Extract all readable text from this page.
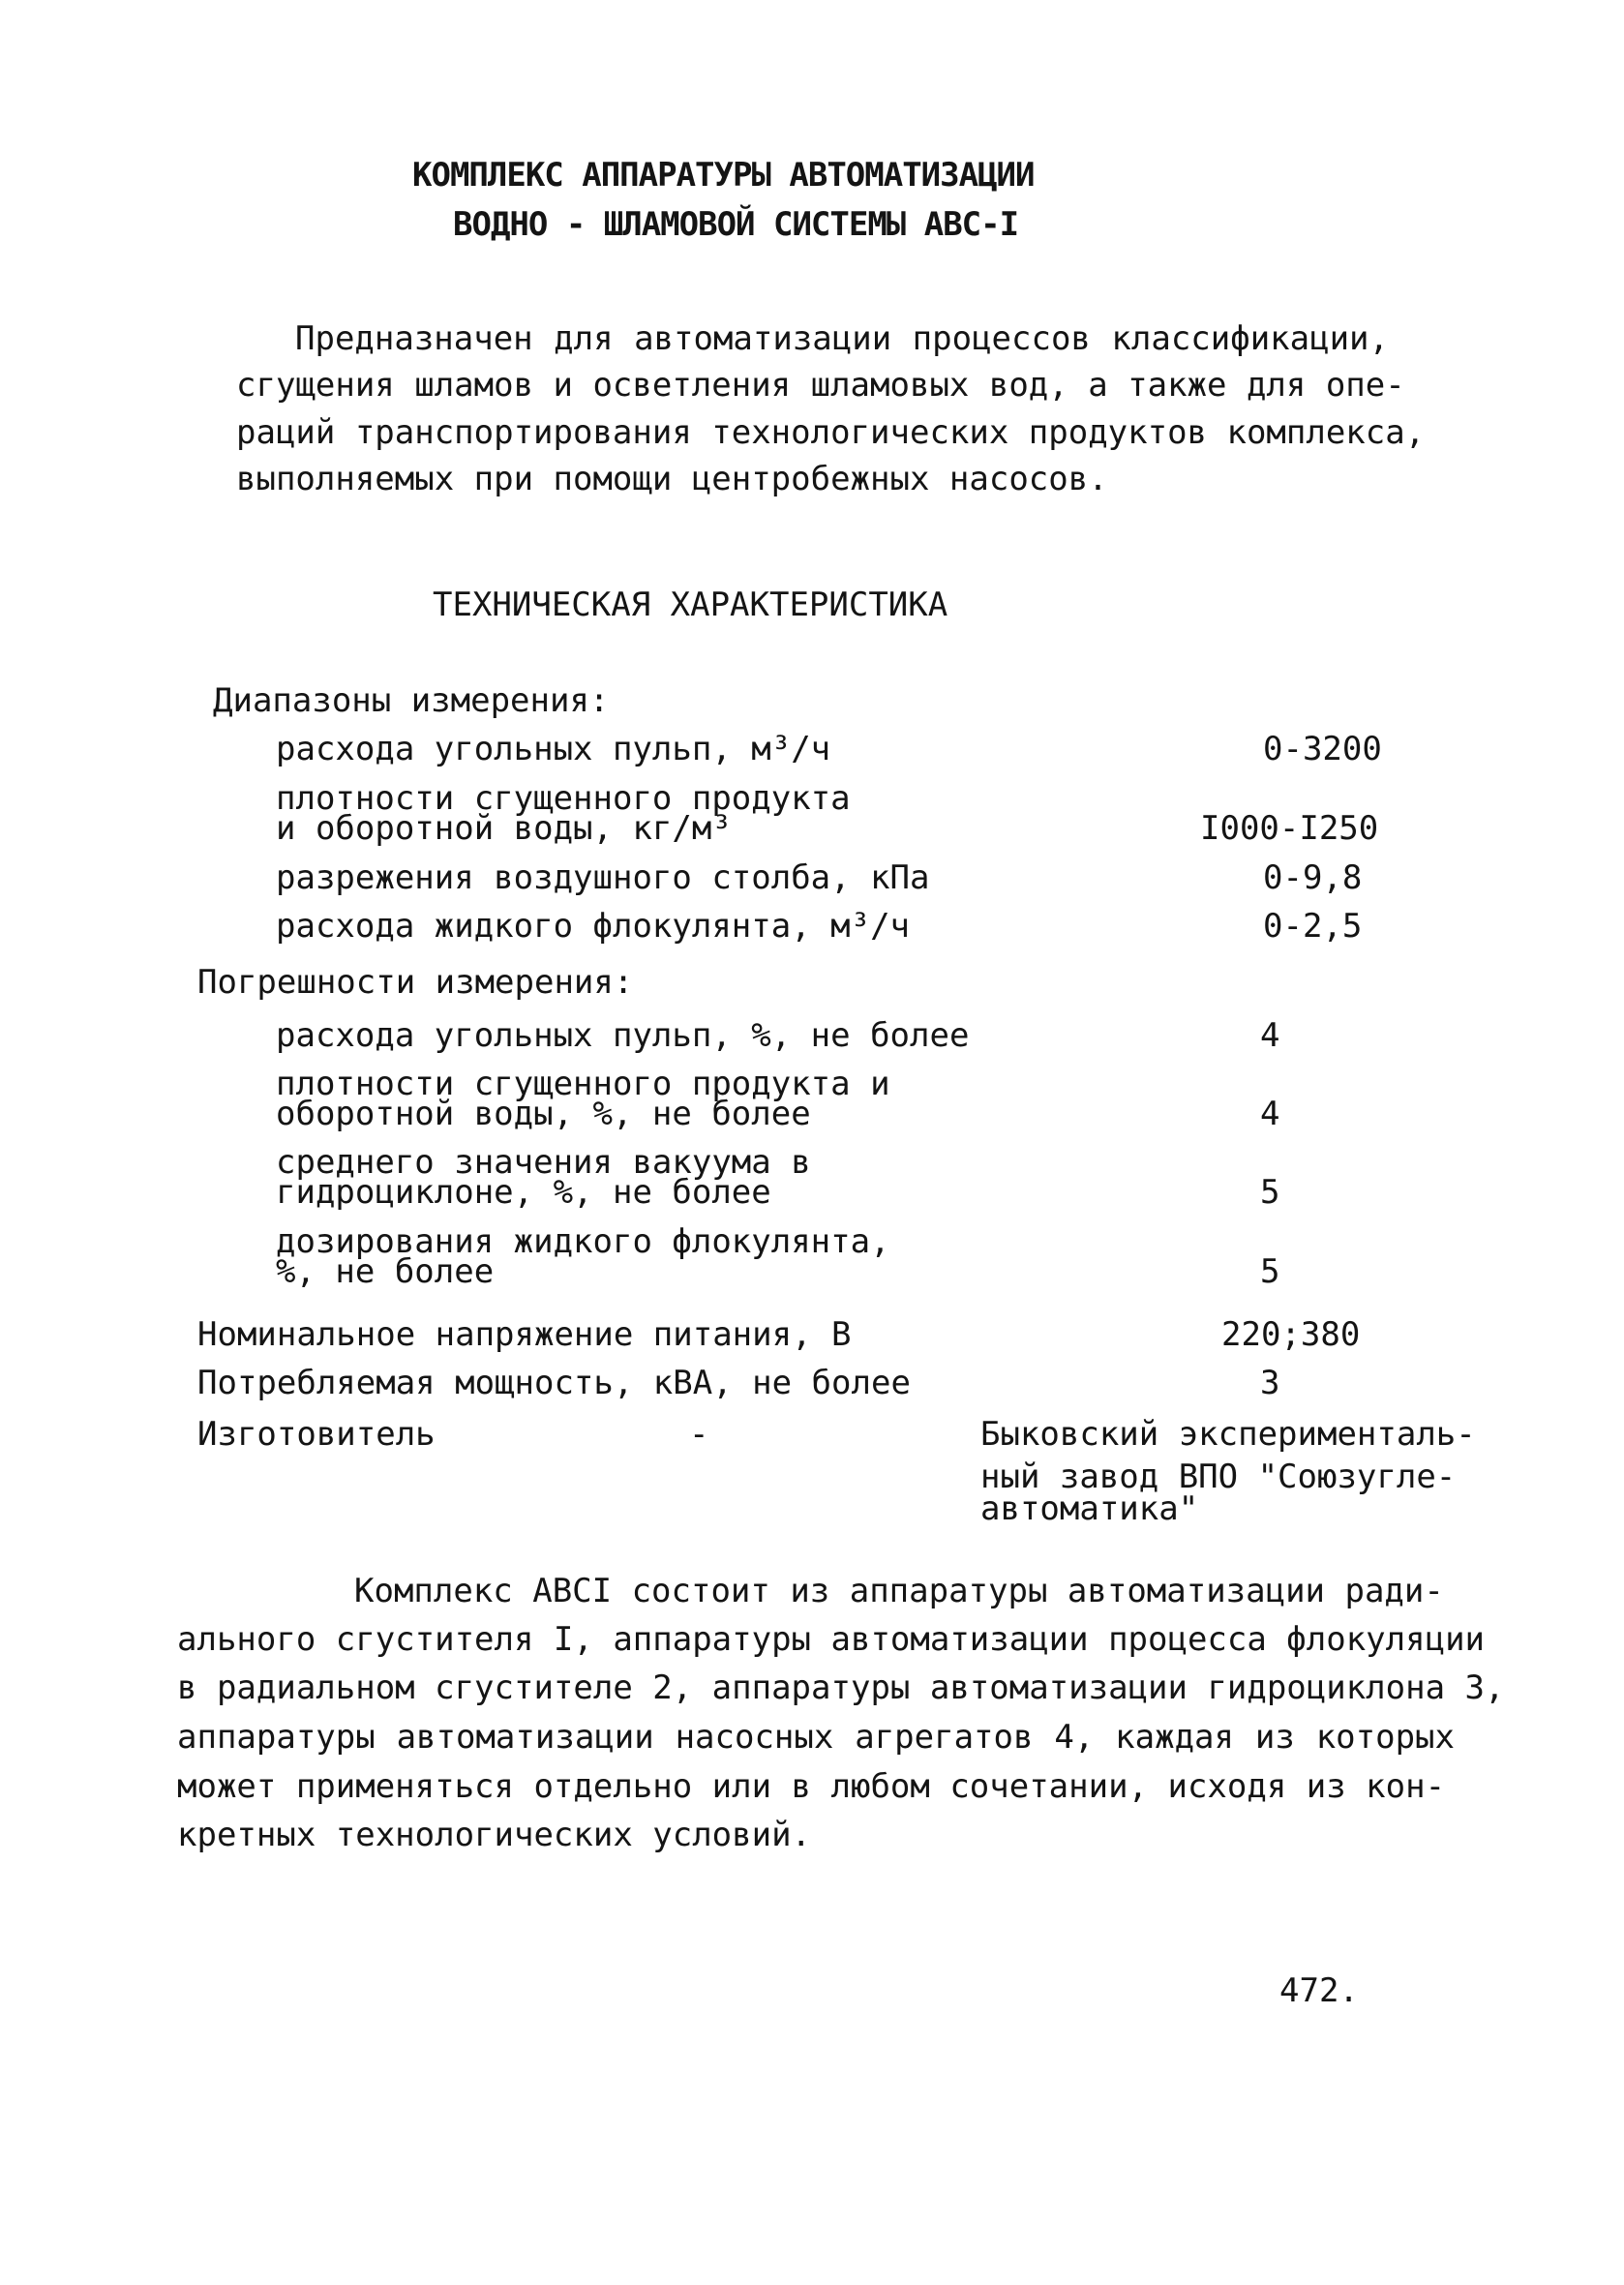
КОМПЛЕКС АППАРАТУРЫ АВТОМАТИЗАЦИИ
ВОДНО - ШЛАМОВОЙ СИСТЕМЫ АВС-I
Предназначен для автоматизации процессов классификации,
сгущения шламов и осветления шламовых вод, а также для опе-
раций транспортирования технологических продуктов комплекса,
выполняемых при помощи центробежных насосов.
ТЕХНИЧЕСКАЯ ХАРАКТЕРИСТИКА
Диапазоны измерения:
расхода угольных пульп, м³/ч	0-3200
плотности сгущенного продукта
и оборотной воды, кг/м³	I000-I250
разрежения воздушного столба, кПа	0-9,8
расхода жидкого флокулянта, м³/ч	0-2,5
Погрешности измерения:
расхода угольных пульп, %, не более	4
плотности сгущенного продукта и
оборотной воды, %, не более	4
среднего значения вакуума в
гидроциклоне, %, не более	5
дозирования жидкого флокулянта,
%, не более	5
Номинальное напряжение питания, В	220;380
Потребляемая мощность, кВА, не более	3
Изготовитель	-	Быковский эксперименталь-
ный завод ВПО "Союзугле-
автоматика"
Комплекс АВСI состоит из аппаратуры автоматизации ради-
ального сгустителя I, аппаратуры автоматизации процесса флокуляции
в радиальном сгустителе 2, аппаратуры автоматизации гидроциклона 3,
аппаратуры автоматизации насосных агрегатов 4, каждая из которых
может применяться отдельно или в любом сочетании, исходя из кон-
кретных технологических условий.
472.
